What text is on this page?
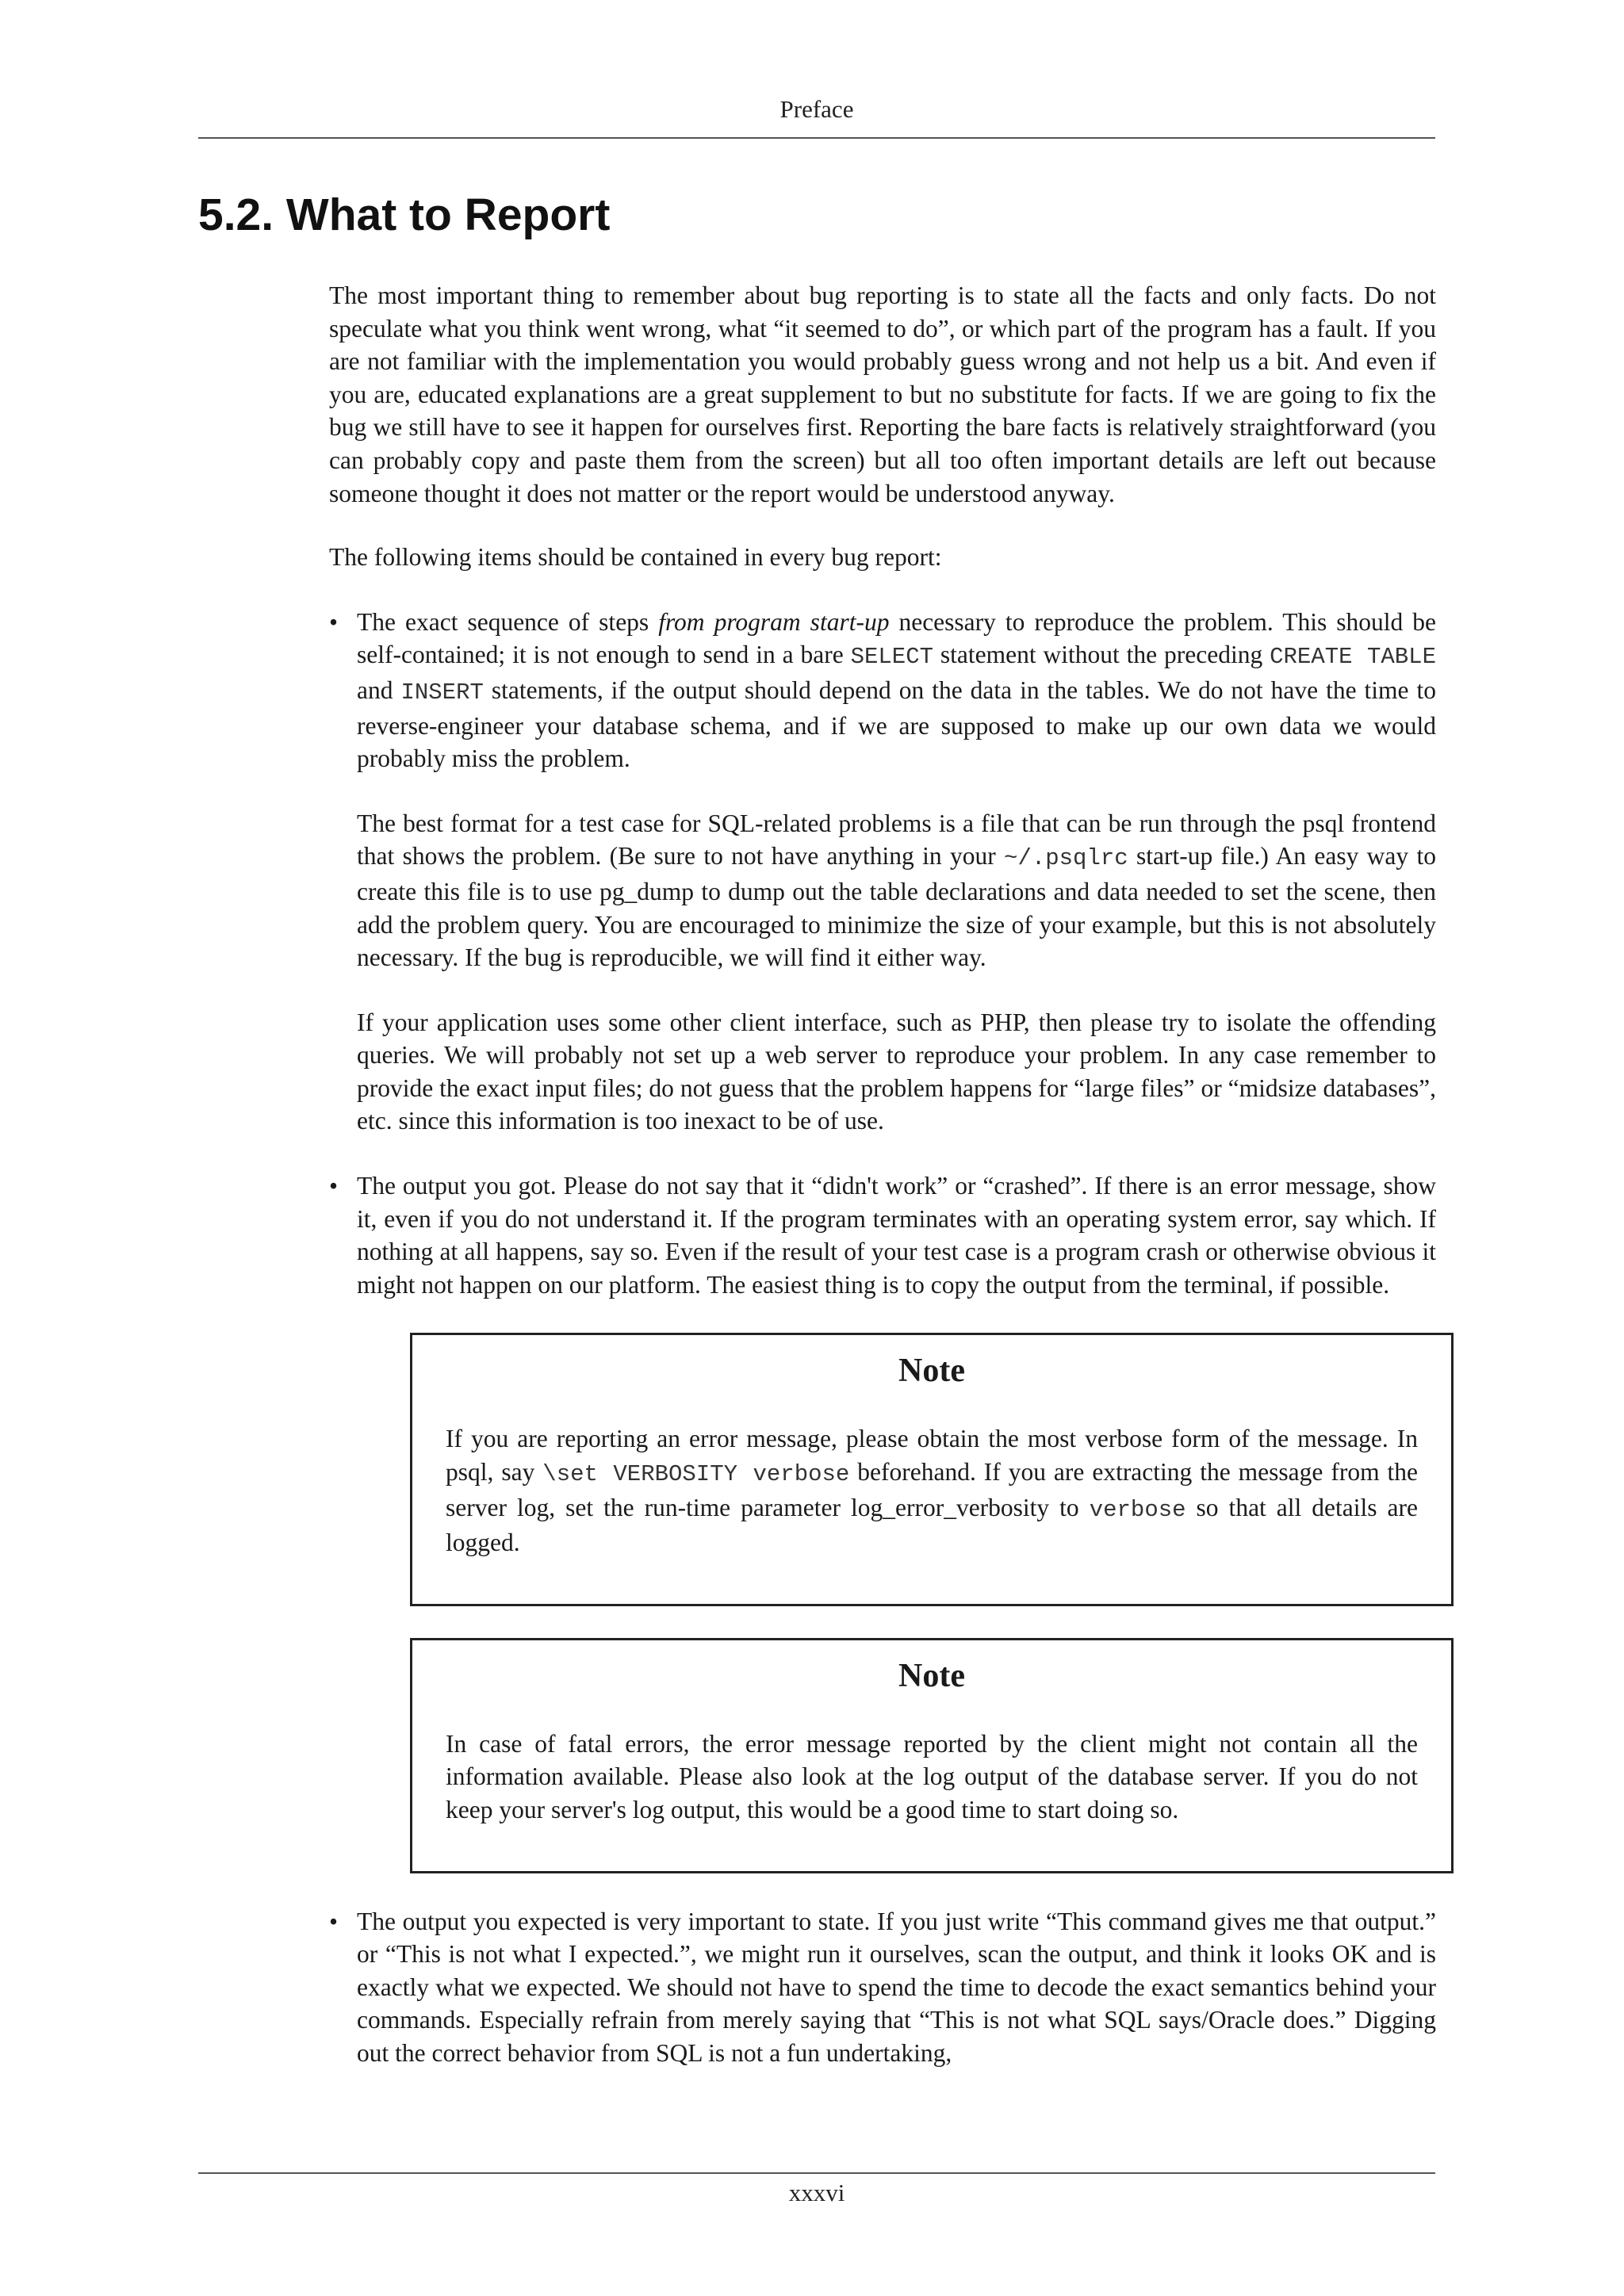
Preface
5.2. What to Report

The most important thing to remember about bug reporting is to state all the facts and only facts. Do not speculate what you think went wrong, what “it seemed to do”, or which part of the program has a fault. If you are not familiar with the implementation you would probably guess wrong and not help us a bit. And even if you are, educated explanations are a great supplement to but no substitute for facts. If we are going to fix the bug we still have to see it happen for ourselves first. Reporting the bare facts is relatively straightforward (you can probably copy and paste them from the screen) but all too often important details are left out because someone thought it does not matter or the report would be understood anyway.

The following items should be contained in every bug report:

• The exact sequence of steps from program start-up necessary to reproduce the problem. This should be self-contained; it is not enough to send in a bare SELECT statement without the preceding CREATE TABLE and INSERT statements, if the output should depend on the data in the tables. We do not have the time to reverse-engineer your database schema, and if we are supposed to make up our own data we would probably miss the problem.

The best format for a test case for SQL-related problems is a file that can be run through the psql frontend that shows the problem. (Be sure to not have anything in your ~/.psqlrc start-up file.) An easy way to create this file is to use pg_dump to dump out the table declarations and data needed to set the scene, then add the problem query. You are encouraged to minimize the size of your example, but this is not absolutely necessary. If the bug is reproducible, we will find it either way.

If your application uses some other client interface, such as PHP, then please try to isolate the offending queries. We will probably not set up a web server to reproduce your problem. In any case remember to provide the exact input files; do not guess that the problem happens for “large files” or “midsize databases”, etc. since this information is too inexact to be of use.

• The output you got. Please do not say that it “didn't work” or “crashed”. If there is an error message, show it, even if you do not understand it. If the program terminates with an operating system error, say which. If nothing at all happens, say so. Even if the result of your test case is a program crash or otherwise obvious it might not happen on our platform. The easiest thing is to copy the output from the terminal, if possible.

Note

If you are reporting an error message, please obtain the most verbose form of the message. In psql, say \set VERBOSITY verbose beforehand. If you are extracting the message from the server log, set the run-time parameter log_error_verbosity to verbose so that all details are logged.

Note

In case of fatal errors, the error message reported by the client might not contain all the information available. Please also look at the log output of the database server. If you do not keep your server's log output, this would be a good time to start doing so.

• The output you expected is very important to state. If you just write “This command gives me that output.” or “This is not what I expected.”, we might run it ourselves, scan the output, and think it looks OK and is exactly what we expected. We should not have to spend the time to decode the exact semantics behind your commands. Especially refrain from merely saying that “This is not what SQL says/Oracle does.” Digging out the correct behavior from SQL is not a fun undertaking,

xxxvi
